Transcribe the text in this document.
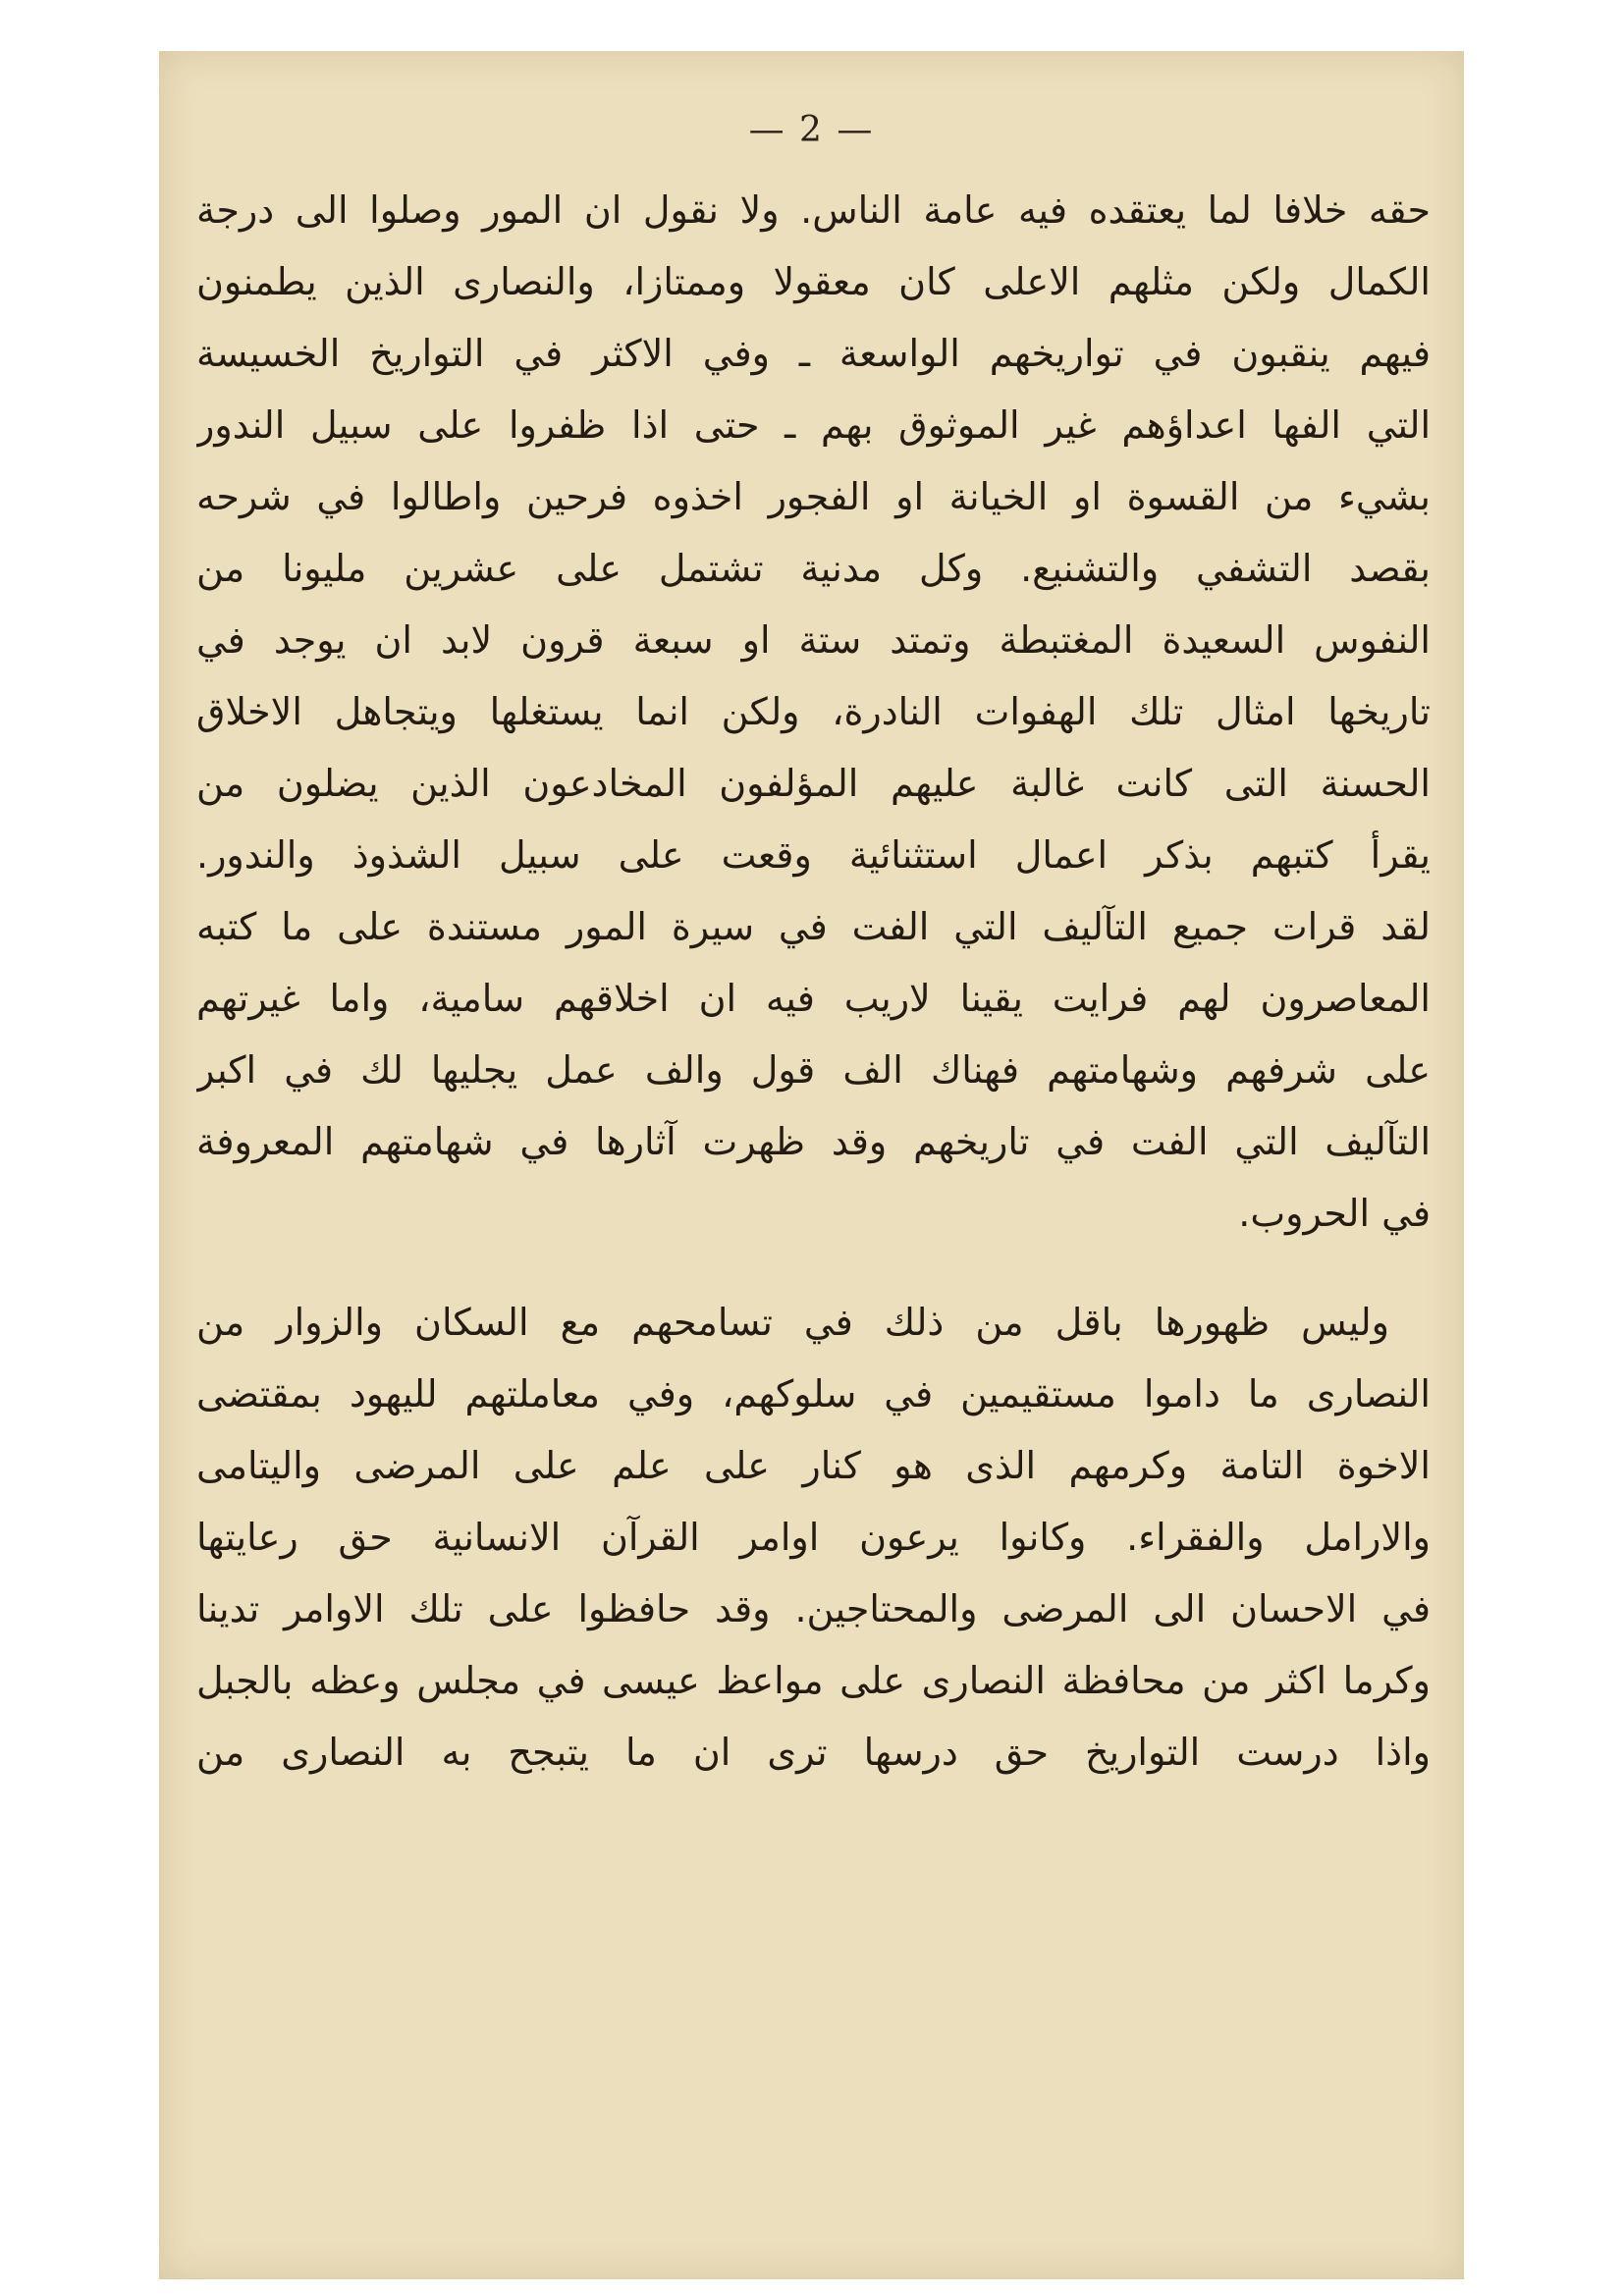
— 2 —
حقه خلافا لما يعتقده فيه عامة الناس. ولا نقول ان المور وصلوا الى درجة
الكمال ولكن مثلهم الاعلى كان معقولا وممتازا، والنصارى الذين يطمنون
فيهم ينقبون في تواريخهم الواسعة ـ وفي الاكثر في التواريخ الخسيسة
التي الفها اعداؤهم غير الموثوق بهم ـ حتى اذا ظفروا على سبيل الندور
بشيء من القسوة او الخيانة او الفجور اخذوه فرحين واطالوا في شرحه
بقصد التشفي والتشنيع. وكل مدنية تشتمل على عشرين مليونا من
النفوس السعيدة المغتبطة وتمتد ستة او سبعة قرون لابد ان يوجد في
تاريخها امثال تلك الهفوات النادرة، ولكن انما يستغلها ويتجاهل الاخلاق
الحسنة التى كانت غالبة عليهم المؤلفون المخادعون الذين يضلون من
يقرأ كتبهم بذكر اعمال استثنائية وقعت على سبيل الشذوذ والندور.
لقد قرات جميع التآليف التي الفت في سيرة المور مستندة على ما كتبه
المعاصرون لهم فرايت يقينا لاريب فيه ان اخلاقهم سامية، واما غيرتهم
على شرفهم وشهامتهم فهناك الف قول والف عمل يجليها لك في اكبر
التآليف التي الفت في تاريخهم وقد ظهرت آثارها في شهامتهم المعروفة
في الحروب.
وليس ظهورها باقل من ذلك في تسامحهم مع السكان والزوار من
النصارى ما داموا مستقيمين في سلوكهم، وفي معاملتهم لليهود بمقتضى
الاخوة التامة وكرمهم الذى هو كنار على علم على المرضى واليتامى
والارامل والفقراء. وكانوا يرعون اوامر القرآن الانسانية حق رعايتها
في الاحسان الى المرضى والمحتاجين. وقد حافظوا على تلك الاوامر تدينا
وكرما اكثر من محافظة النصارى على مواعظ عيسى في مجلس وعظه بالجبل
واذا درست التواريخ حق درسها ترى ان ما يتبجح به النصارى من
